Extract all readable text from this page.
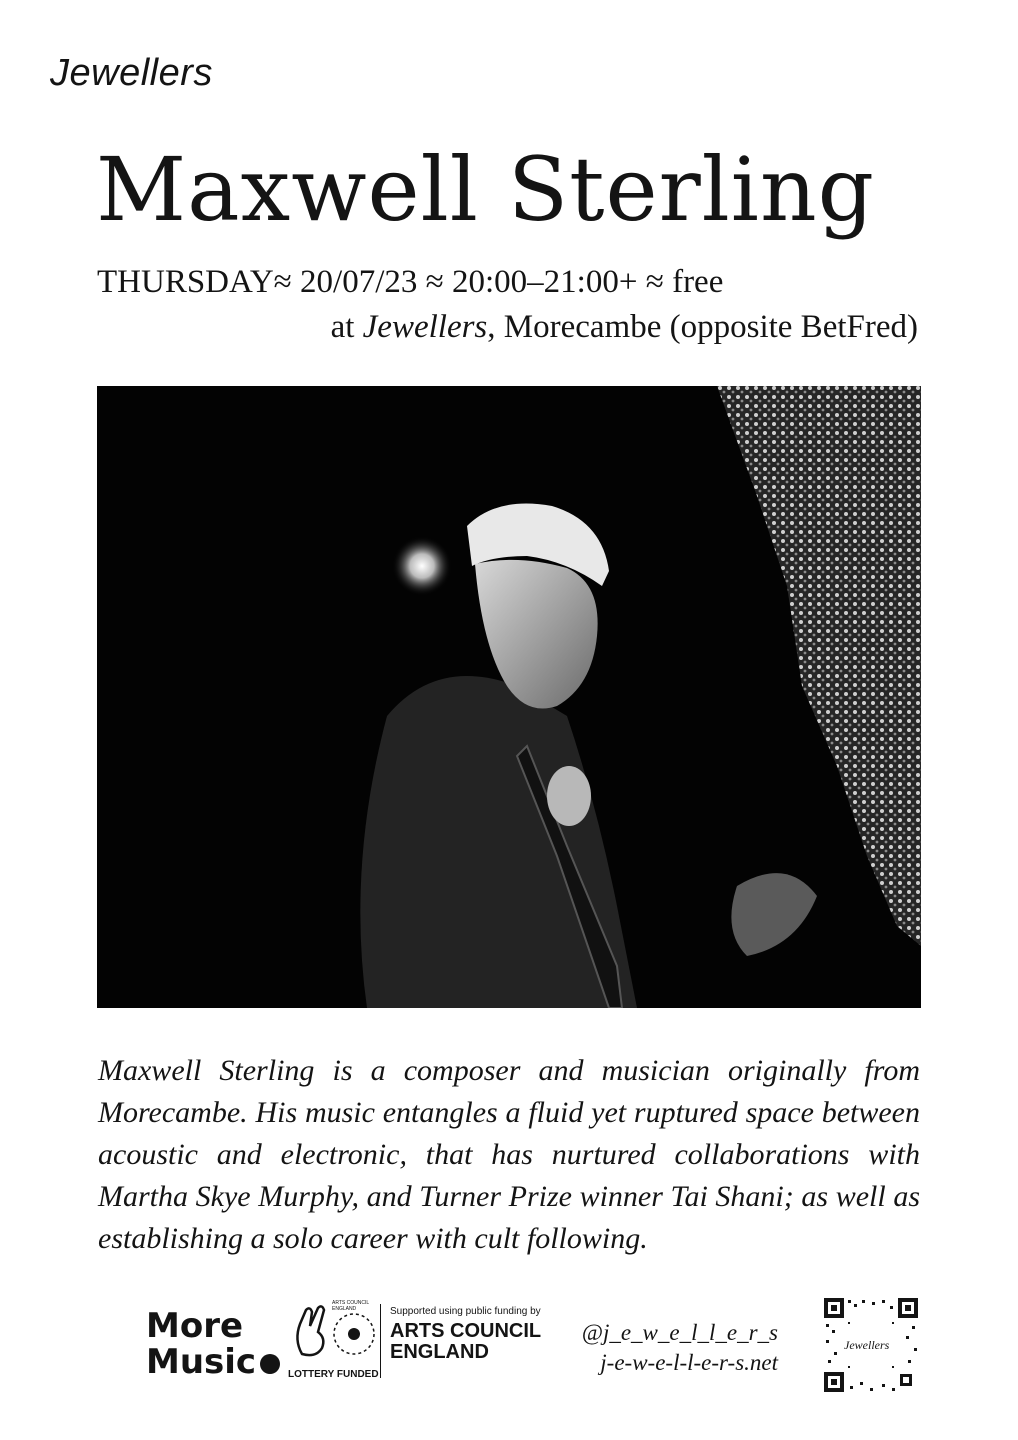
Jewellers
Maxwell Sterling
THURSDAY≈ 20/07/23 ≈ 20:00–21:00+ ≈ free
at Jewellers, Morecambe (opposite BetFred)

Maxwell Sterling is a composer and musician originally from Morecambe. His music entangles a fluid yet ruptured space between acoustic and electronic, that has nurtured collaborations with Martha Skye Murphy, and Turner Prize winner Tai Shani; as well as establishing a solo career with cult following.

More
Music
ARTS COUNCIL ENGLAND
LOTTERY FUNDED
Supported using public funding by
ARTS COUNCIL
ENGLAND
@j_e_w_e_l_l_e_r_s
j-e-w-e-l-l-e-r-s.net
Jewellers
